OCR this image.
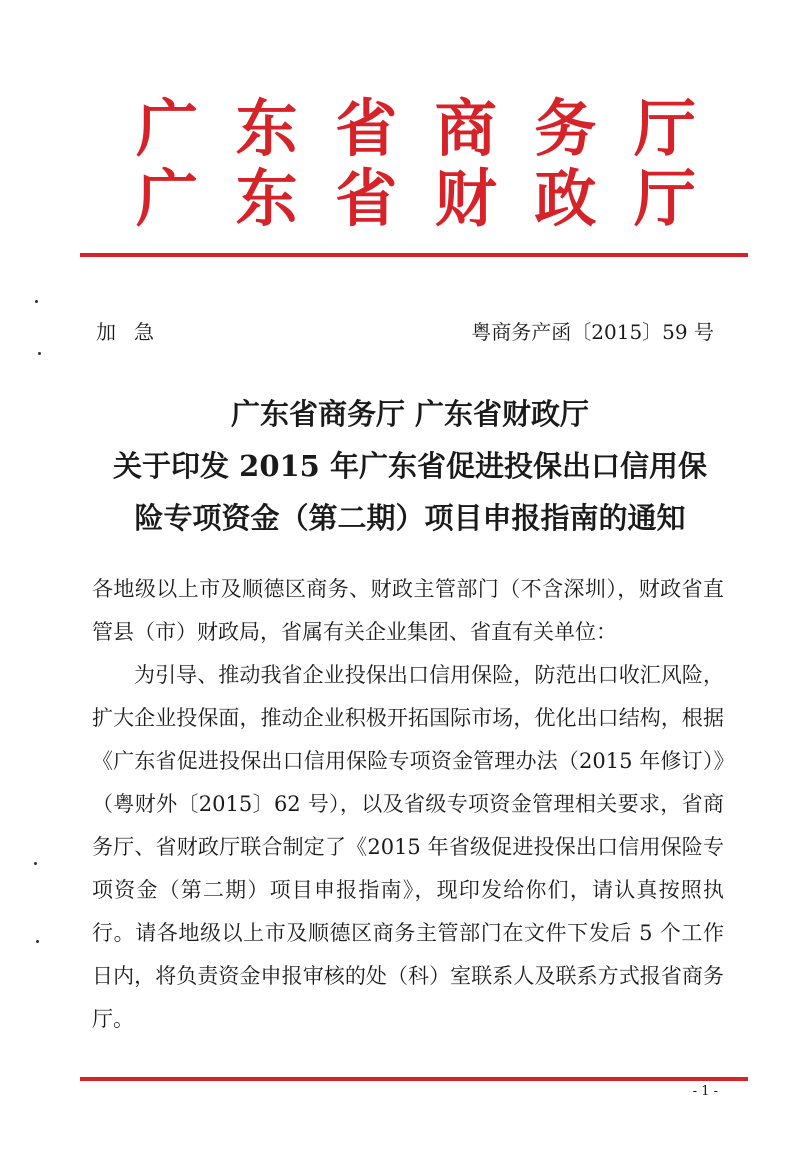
广 东 省 商 务 厅
广 东 省 财 政 厅
加急	粤商务产函〔2015〕59 号
广东省商务厅 广东省财政厅
关于印发 2015 年广东省促进投保出口信用保
险专项资金（第二期）项目申报指南的通知

各地级以上市及顺德区商务、财政主管部门（不含深圳），财政省直管县（市）财政局，省属有关企业集团、省直有关单位：

为引导、推动我省企业投保出口信用保险，防范出口收汇风险，扩大企业投保面，推动企业积极开拓国际市场，优化出口结构，根据《广东省促进投保出口信用保险专项资金管理办法（2015 年修订）》（粤财外〔2015〕62 号），以及省级专项资金管理相关要求，省商务厅、省财政厅联合制定了《2015 年省级促进投保出口信用保险专项资金（第二期）项目申报指南》，现印发给你们，请认真按照执行。请各地级以上市及顺德区商务主管部门在文件下发后 5 个工作日内，将负责资金申报审核的处（科）室联系人及联系方式报省商务厅。

- 1 -
